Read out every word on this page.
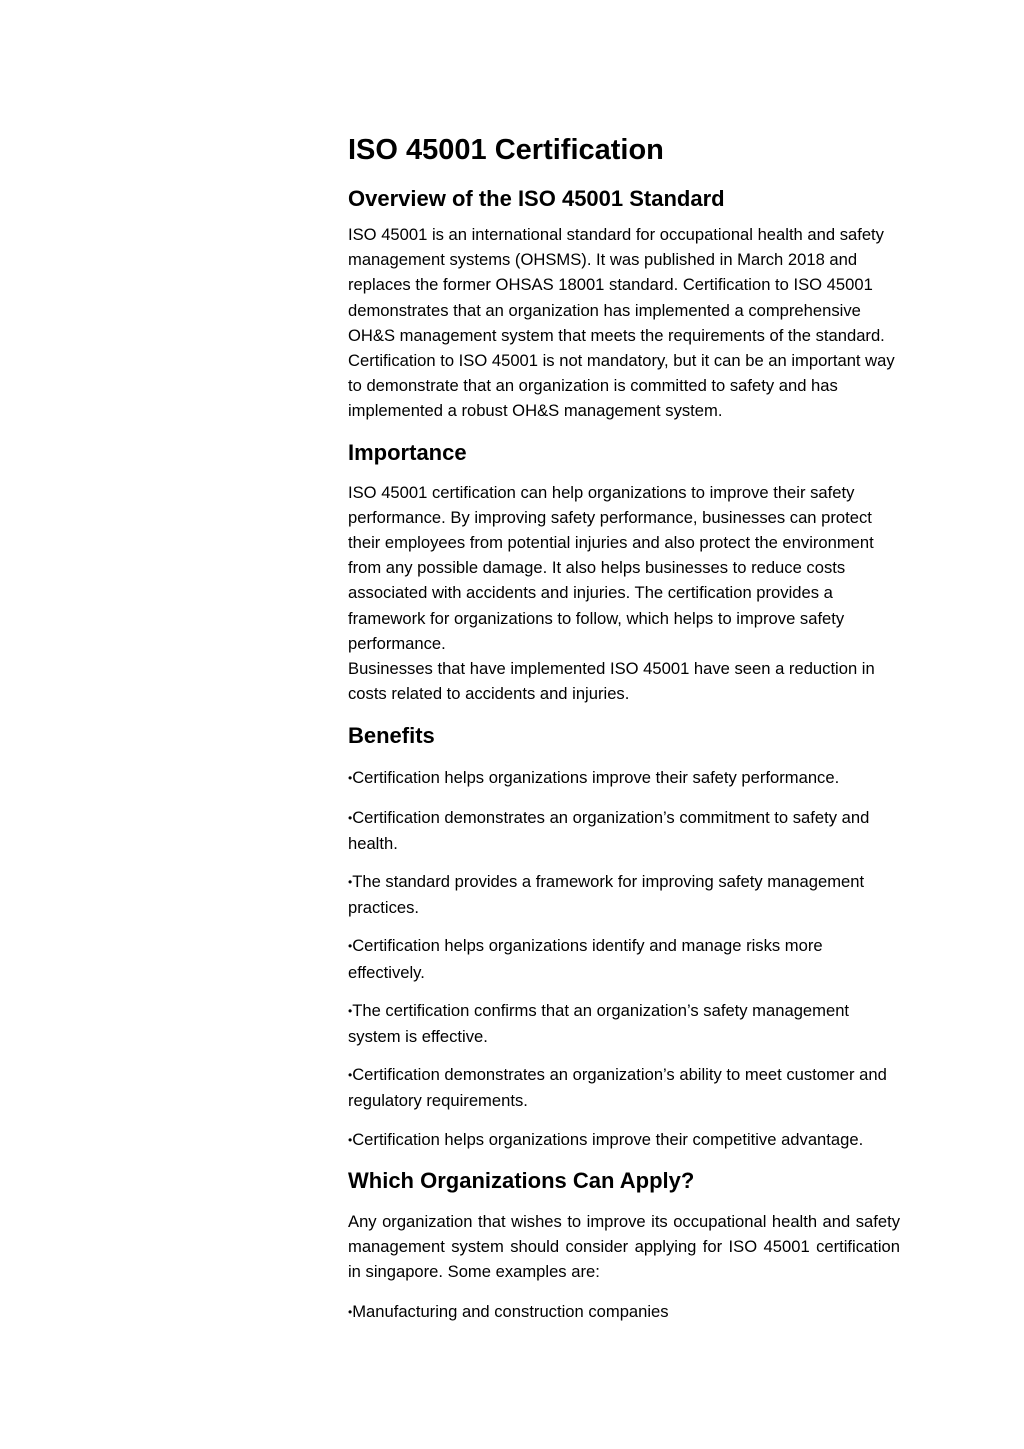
ISO 45001 Certification
Overview of the ISO 45001 Standard

ISO 45001 is an international standard for occupational health and safety management systems (OHSMS). It was published in March 2018 and replaces the former OHSAS 18001 standard. Certification to ISO 45001 demonstrates that an organization has implemented a comprehensive OH&S management system that meets the requirements of the standard. Certification to ISO 45001 is not mandatory, but it can be an important way to demonstrate that an organization is committed to safety and has implemented a robust OH&S management system.

Importance

ISO 45001 certification can help organizations to improve their safety performance. By improving safety performance, businesses can protect their employees from potential injuries and also protect the environment from any possible damage. It also helps businesses to reduce costs associated with accidents and injuries. The certification provides a framework for organizations to follow, which helps to improve safety performance.

Businesses that have implemented ISO 45001 have seen a reduction in costs related to accidents and injuries.

Benefits

•Certification helps organizations improve their safety performance.

•Certification demonstrates an organization’s commitment to safety and health.

•The standard provides a framework for improving safety management practices.

•Certification helps organizations identify and manage risks more effectively.

•The certification confirms that an organization’s safety management system is effective.

•Certification demonstrates an organization’s ability to meet customer and regulatory requirements.

•Certification helps organizations improve their competitive advantage.

Which Organizations Can Apply?

Any organization that wishes to improve its occupational health and safety management system should consider applying for ISO 45001 certification in singapore. Some examples are:

•Manufacturing and construction companies
